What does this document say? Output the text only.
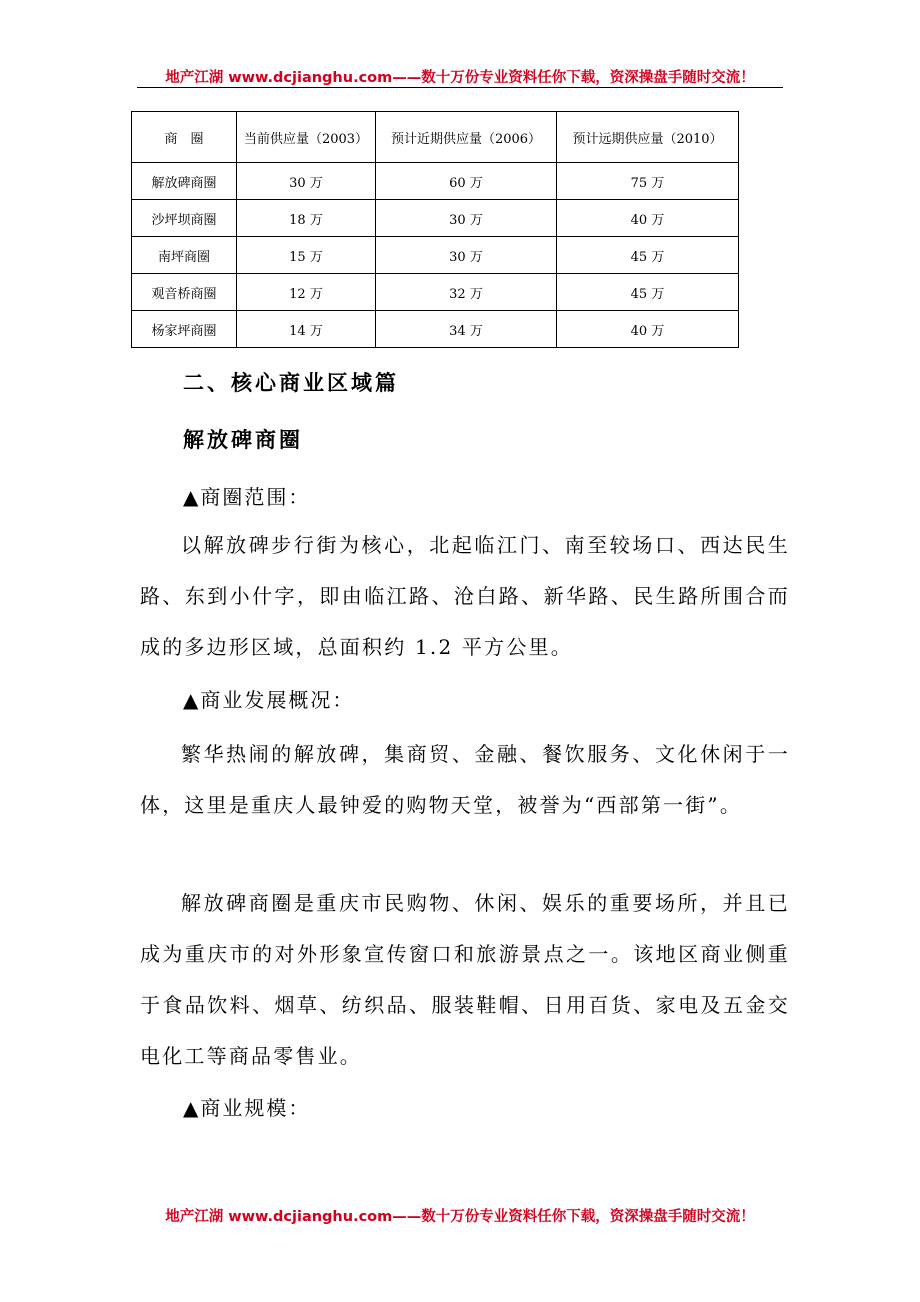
地产江湖 www.dcjianghu.com——数十万份专业资料任你下载，资深操盘手随时交流！
商　圈	当前供应量（2003）	预计近期供应量（2006）	预计远期供应量（2010）
解放碑商圈	30 万	60 万	75 万
沙坪坝商圈	18 万	30 万	40 万
南坪商圈	15 万	30 万	45 万
观音桥商圈	12 万	32 万	45 万
杨家坪商圈	14 万	34 万	40 万
二、核心商业区域篇
解放碑商圈
▲商圈范围：
以解放碑步行街为核心，北起临江门、南至较场口、西达民生路、东到小什字，即由临江路、沧白路、新华路、民生路所围合而成的多边形区域，总面积约 1.2 平方公里。
▲商业发展概况：
繁华热闹的解放碑，集商贸、金融、餐饮服务、文化休闲于一体，这里是重庆人最钟爱的购物天堂，被誉为“西部第一街”。
解放碑商圈是重庆市民购物、休闲、娱乐的重要场所，并且已成为重庆市的对外形象宣传窗口和旅游景点之一。该地区商业侧重于食品饮料、烟草、纺织品、服装鞋帽、日用百货、家电及五金交电化工等商品零售业。
▲商业规模：
地产江湖 www.dcjianghu.com——数十万份专业资料任你下载，资深操盘手随时交流！
